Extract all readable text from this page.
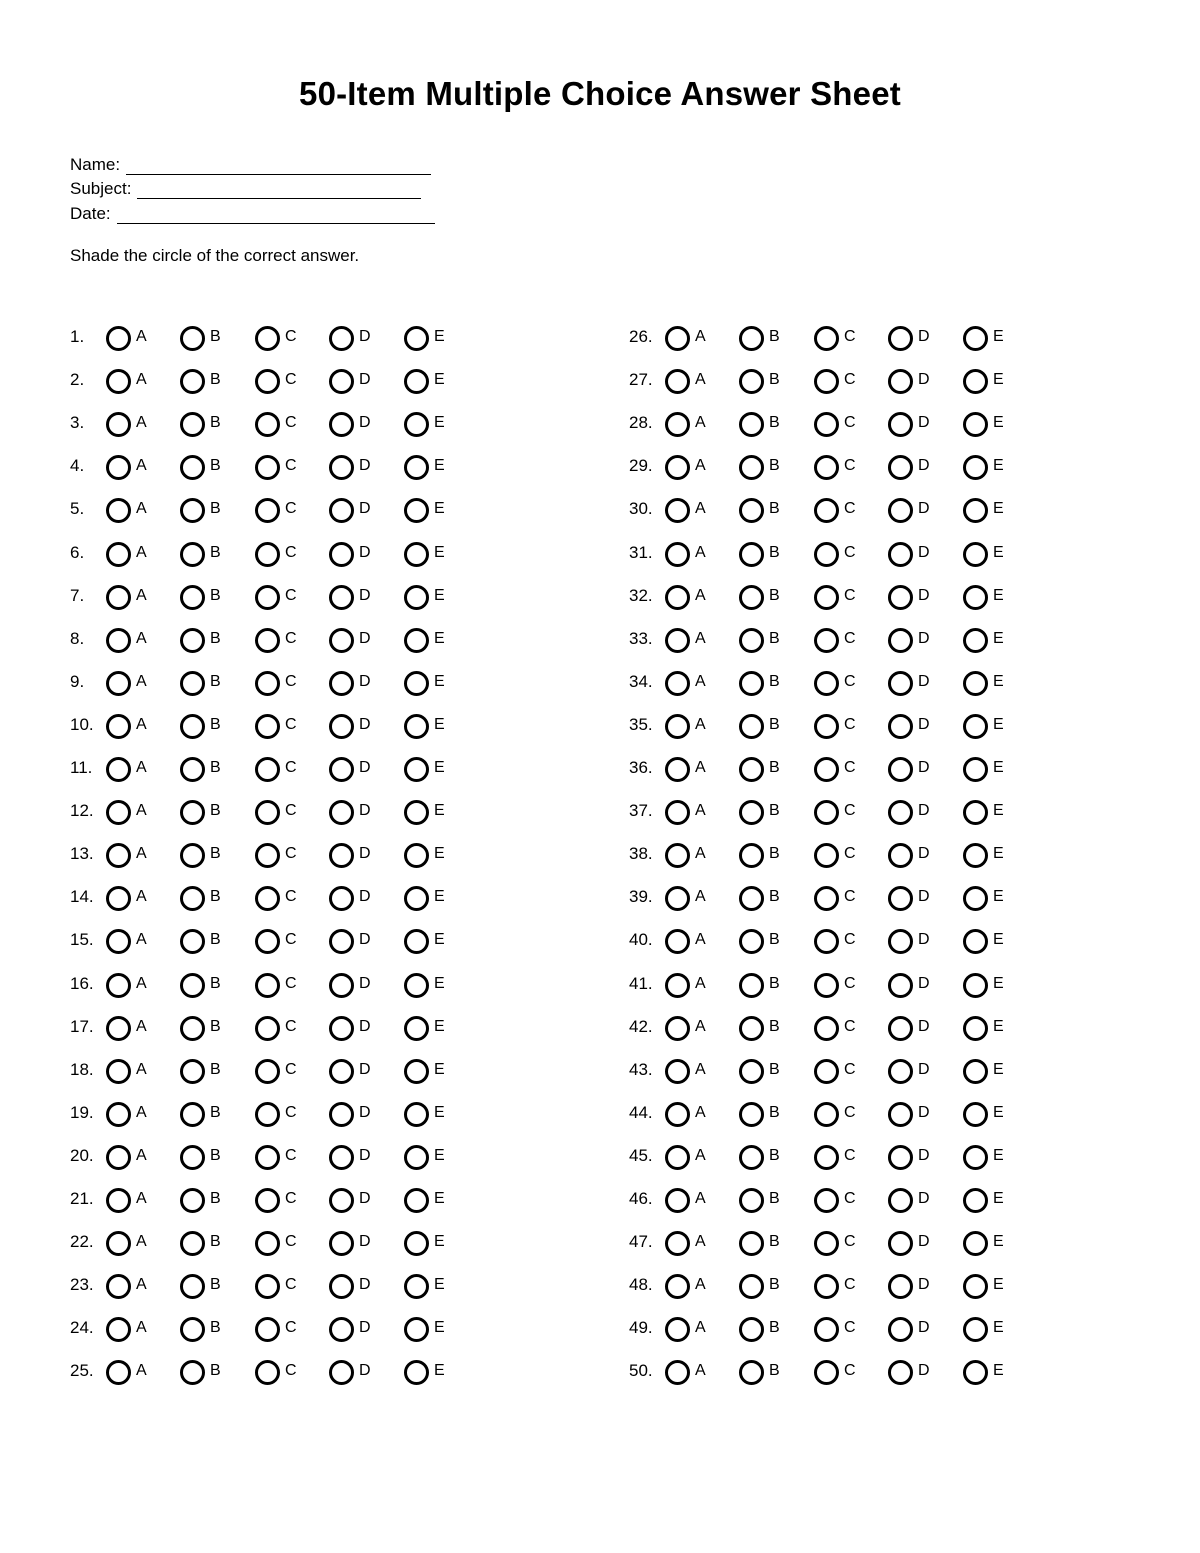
50-Item Multiple Choice Answer Sheet
Name:
Subject:
Date:
Shade the circle of the correct answer.
1.	A	B	C	D	E
2.	A	B	C	D	E
3.	A	B	C	D	E
4.	A	B	C	D	E
5.	A	B	C	D	E
6.	A	B	C	D	E
7.	A	B	C	D	E
8.	A	B	C	D	E
9.	A	B	C	D	E
10.	A	B	C	D	E
11.	A	B	C	D	E
12.	A	B	C	D	E
13.	A	B	C	D	E
14.	A	B	C	D	E
15.	A	B	C	D	E
16.	A	B	C	D	E
17.	A	B	C	D	E
18.	A	B	C	D	E
19.	A	B	C	D	E
20.	A	B	C	D	E
21.	A	B	C	D	E
22.	A	B	C	D	E
23.	A	B	C	D	E
24.	A	B	C	D	E
25.	A	B	C	D	E
26.	A	B	C	D	E
27.	A	B	C	D	E
28.	A	B	C	D	E
29.	A	B	C	D	E
30.	A	B	C	D	E
31.	A	B	C	D	E
32.	A	B	C	D	E
33.	A	B	C	D	E
34.	A	B	C	D	E
35.	A	B	C	D	E
36.	A	B	C	D	E
37.	A	B	C	D	E
38.	A	B	C	D	E
39.	A	B	C	D	E
40.	A	B	C	D	E
41.	A	B	C	D	E
42.	A	B	C	D	E
43.	A	B	C	D	E
44.	A	B	C	D	E
45.	A	B	C	D	E
46.	A	B	C	D	E
47.	A	B	C	D	E
48.	A	B	C	D	E
49.	A	B	C	D	E
50.	A	B	C	D	E
